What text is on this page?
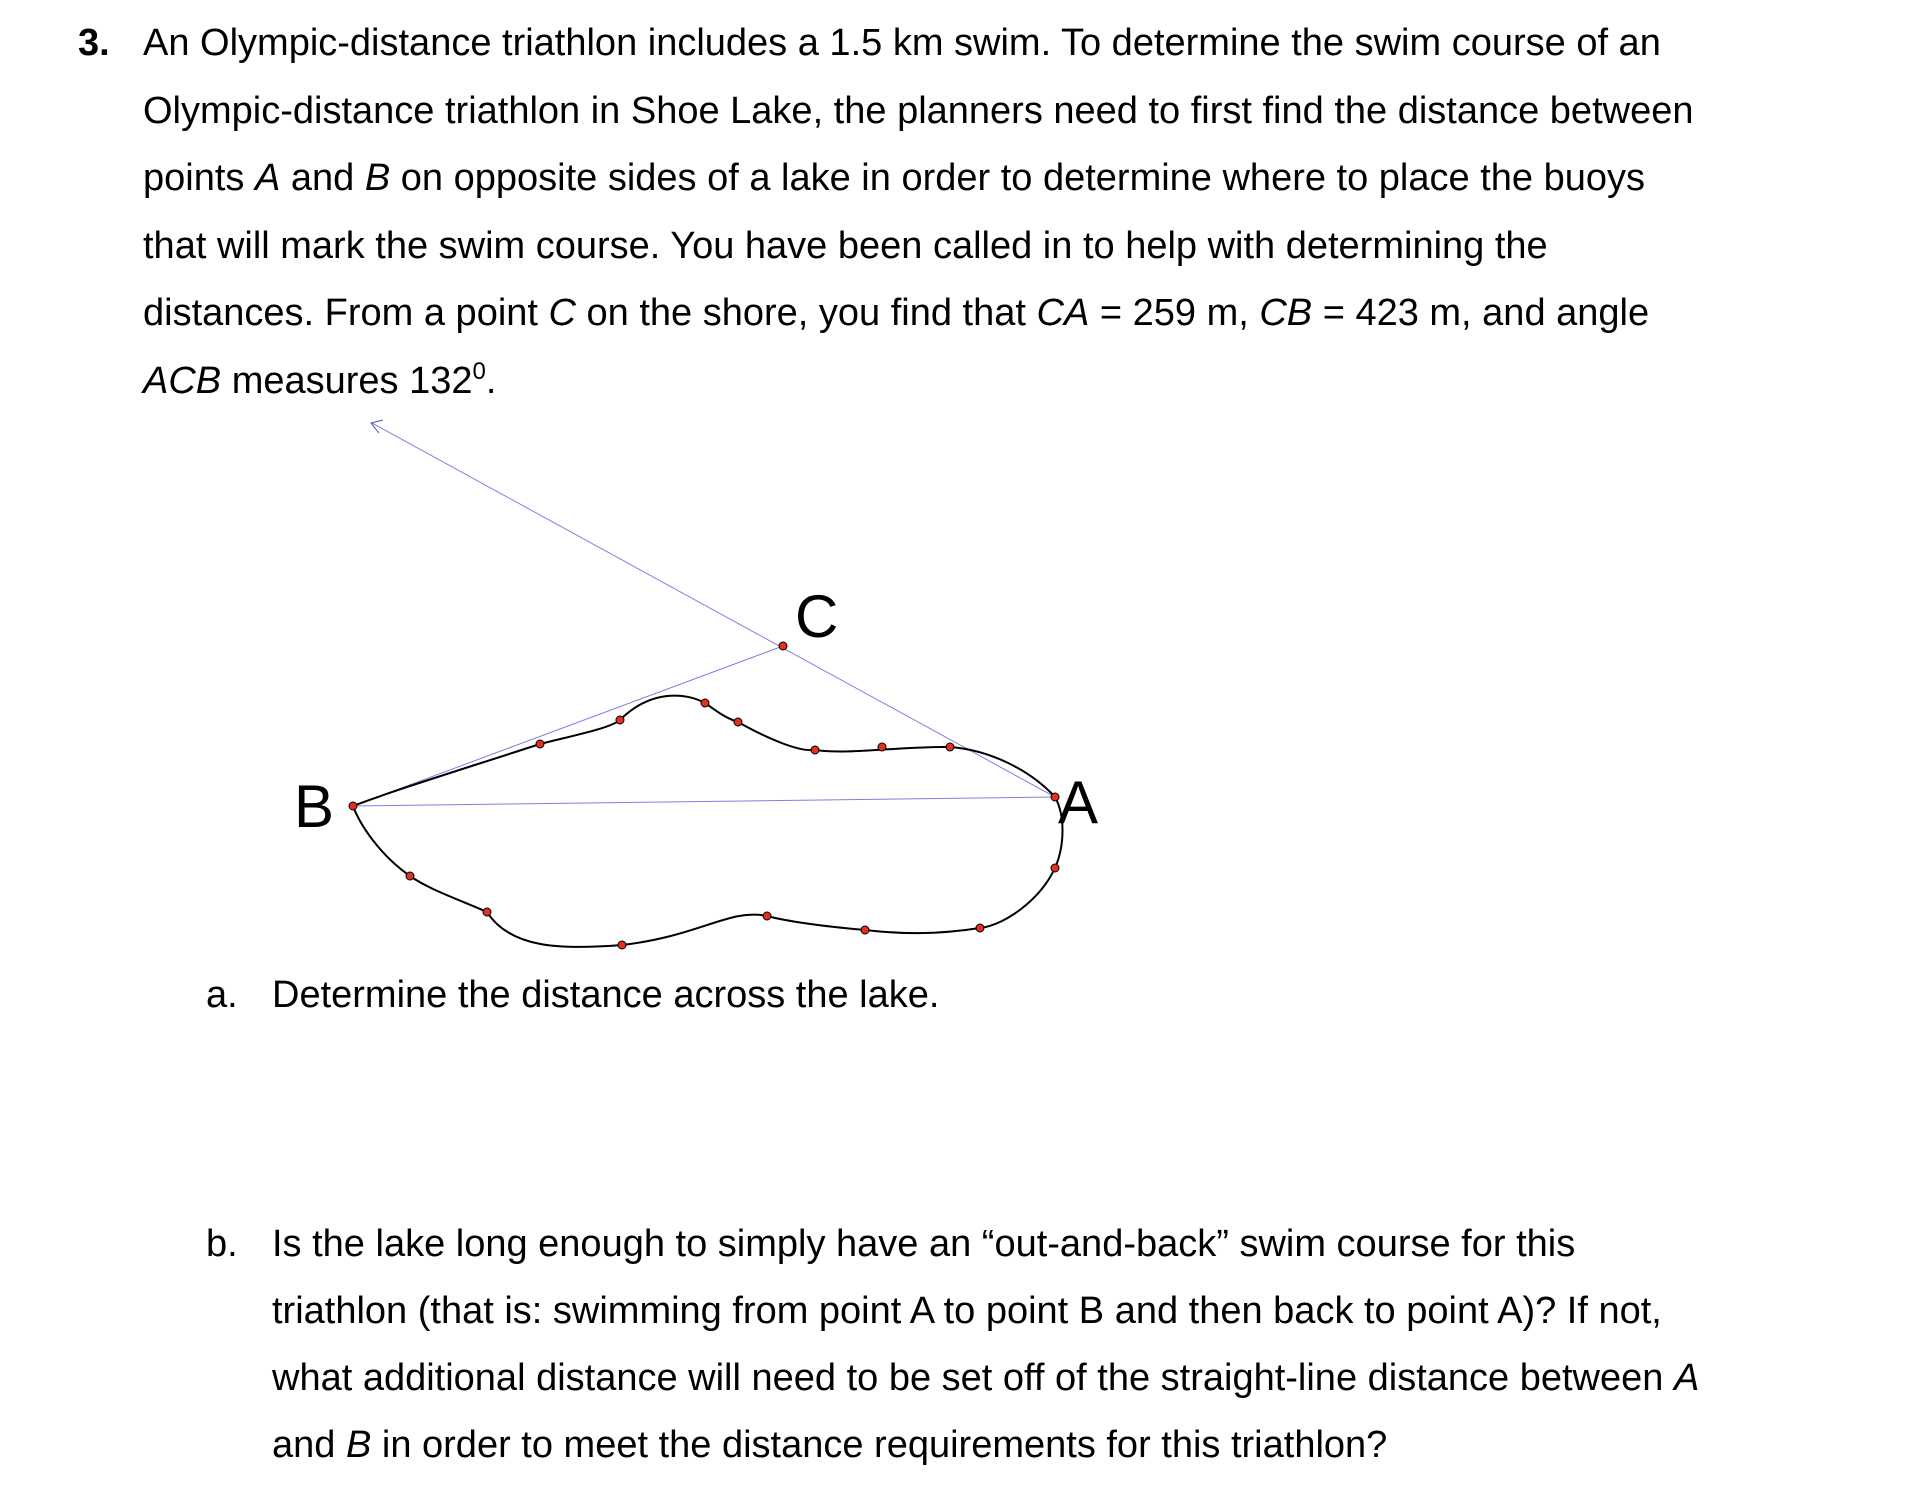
3. An Olympic-distance triathlon includes a 1.5 km swim. To determine the swim course of an

Olympic-distance triathlon in Shoe Lake, the planners need to first find the distance between

points A and B on opposite sides of a lake in order to determine where to place the buoys

that will mark the swim course. You have been called in to help with determining the

distances. From a point C on the shore, you find that CA = 259 m, CB = 423 m, and angle

ACB measures $132^0$.

C
B	A
a. Determine the distance across the lake.
b. Is the lake long enough to simply have an “out-and-back” swim course for this

triathlon (that is: swimming from point A to point B and then back to point A)? If not,

what additional distance will need to be set off of the straight-line distance between A

and B in order to meet the distance requirements for this triathlon?
